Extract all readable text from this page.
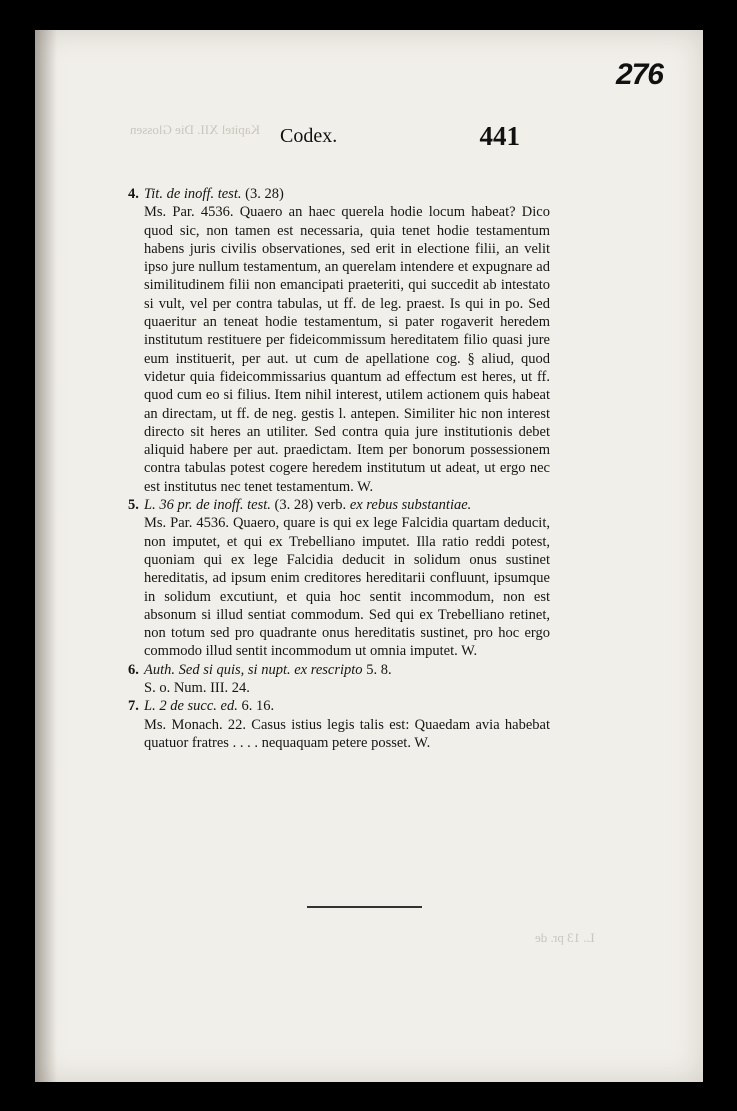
Kapitel XII. Die Glossen
L. 13 pr. de
276
Codex.	441
4. Tit. de inoff. test. (3. 28)

Ms. Par. 4536. Quaero an haec querela hodie locum habeat? Dico quod sic, non tamen est necessaria, quia tenet hodie testamentum habens juris civilis observationes, sed erit in electione filii, an velit ipso jure nullum testamentum, an querelam intendere et expugnare ad similitudinem filii non emancipati praeteriti, qui succedit ab intestato si vult, vel per contra tabulas, ut ff. de leg. praest. Is qui in po. Sed quaeritur an teneat hodie testamentum, si pater rogaverit heredem institutum restituere per fideicommissum hereditatem filio quasi jure eum instituerit, per aut. ut cum de apellatione cog. § aliud, quod videtur quia fideicommissarius quantum ad effectum est heres, ut ff. quod cum eo si filius. Item nihil interest, utilem actionem quis habeat an directam, ut ff. de neg. gestis l. antepen. Similiter hic non interest directo sit heres an utiliter. Sed contra quia jure institutionis debet aliquid habere per aut. praedictam. Item per bonorum possessionem contra tabulas potest cogere heredem institutum ut adeat, ut ergo nec est institutus nec tenet testamentum. W.

5. L. 36 pr. de inoff. test. (3. 28) verb. ex rebus substantiae.

Ms. Par. 4536. Quaero, quare is qui ex lege Falcidia quartam deducit, non imputet, et qui ex Trebelliano imputet. Illa ratio reddi potest, quoniam qui ex lege Falcidia deducit in solidum onus sustinet hereditatis, ad ipsum enim creditores hereditarii confluunt, ipsumque in solidum excutiunt, et quia hoc sentit incommodum, non est absonum si illud sentiat commodum. Sed qui ex Trebelliano retinet, non totum sed pro quadrante onus hereditatis sustinet, pro hoc ergo commodo illud sentit incommodum ut omnia imputet. W.

6. Auth. Sed si quis, si nupt. ex rescripto 5. 8.

S. o. Num. III. 24.

7. L. 2 de succ. ed. 6. 16.

Ms. Monach. 22. Casus istius legis talis est: Quaedam avia habebat quatuor fratres . . . . nequaquam petere posset. W.
